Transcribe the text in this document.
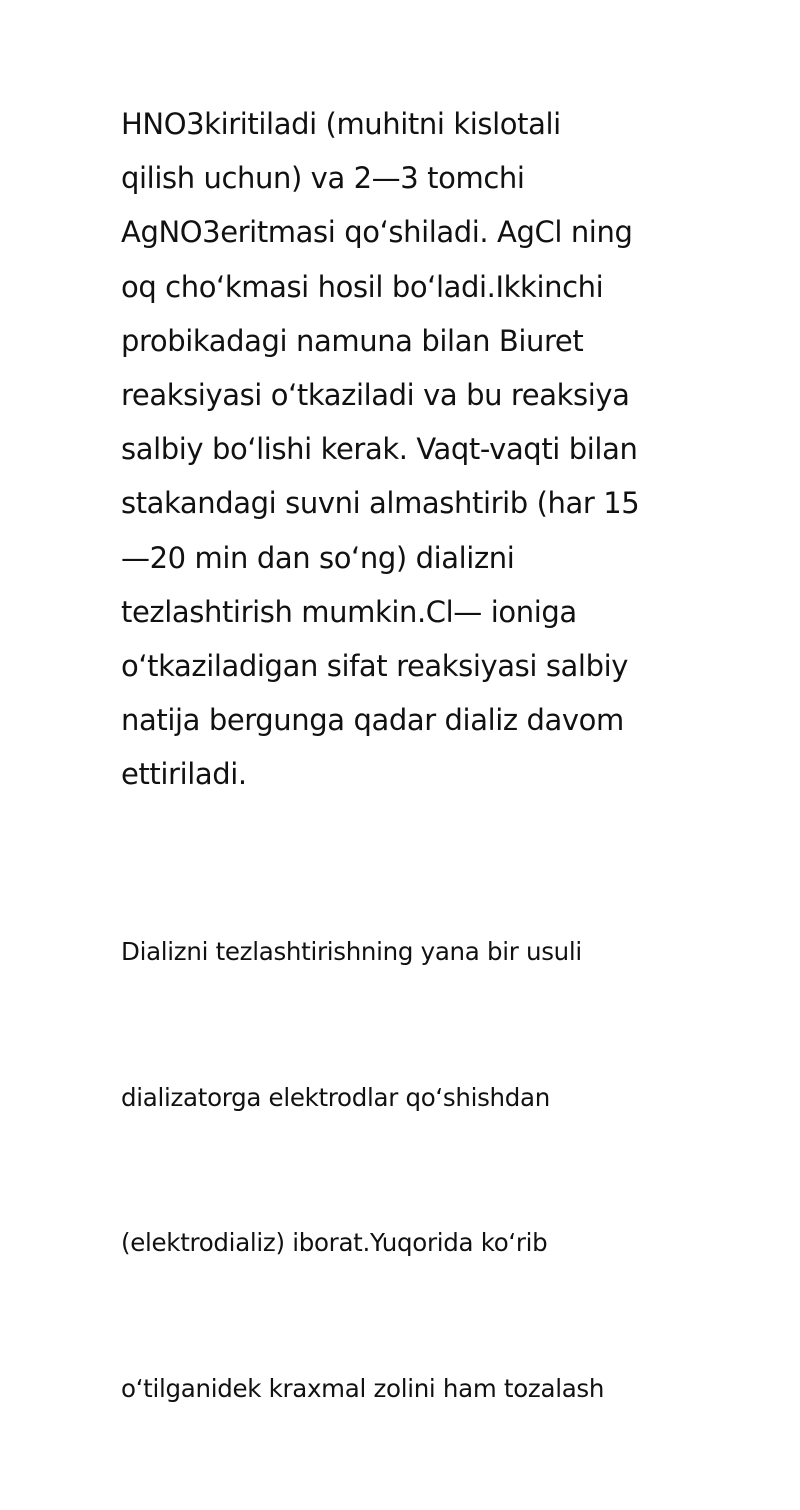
HNO3kiritiladi (muhitni kislotali
qilish uchun) va 2—3 tomchi
AgNO3eritmasi qoʻshiladi. AgCl ning
oq choʻkmasi hosil boʻladi.Ikkinchi
probikadagi namuna bilan Biuret
reaksiyasi oʻtkaziladi va bu reaksiya
salbiy boʻlishi kerak. Vaqt-vaqti bilan
stakandagi suvni almashtirib (har 15
—20 min dan soʻng) dializni
tezlashtirish mumkin.Cl— ioniga
oʻtkaziladigan sifat reaksiyasi salbiy
natija bergunga qadar dializ davom
ettiriladi.

Dializni tezlashtirishning yana bir usuli

dializatorga elektrodlar qoʻshishdan

(elektrodializ) iborat.Yuqorida koʻrib

oʻtilganidek kraxmal zolini ham tozalash
